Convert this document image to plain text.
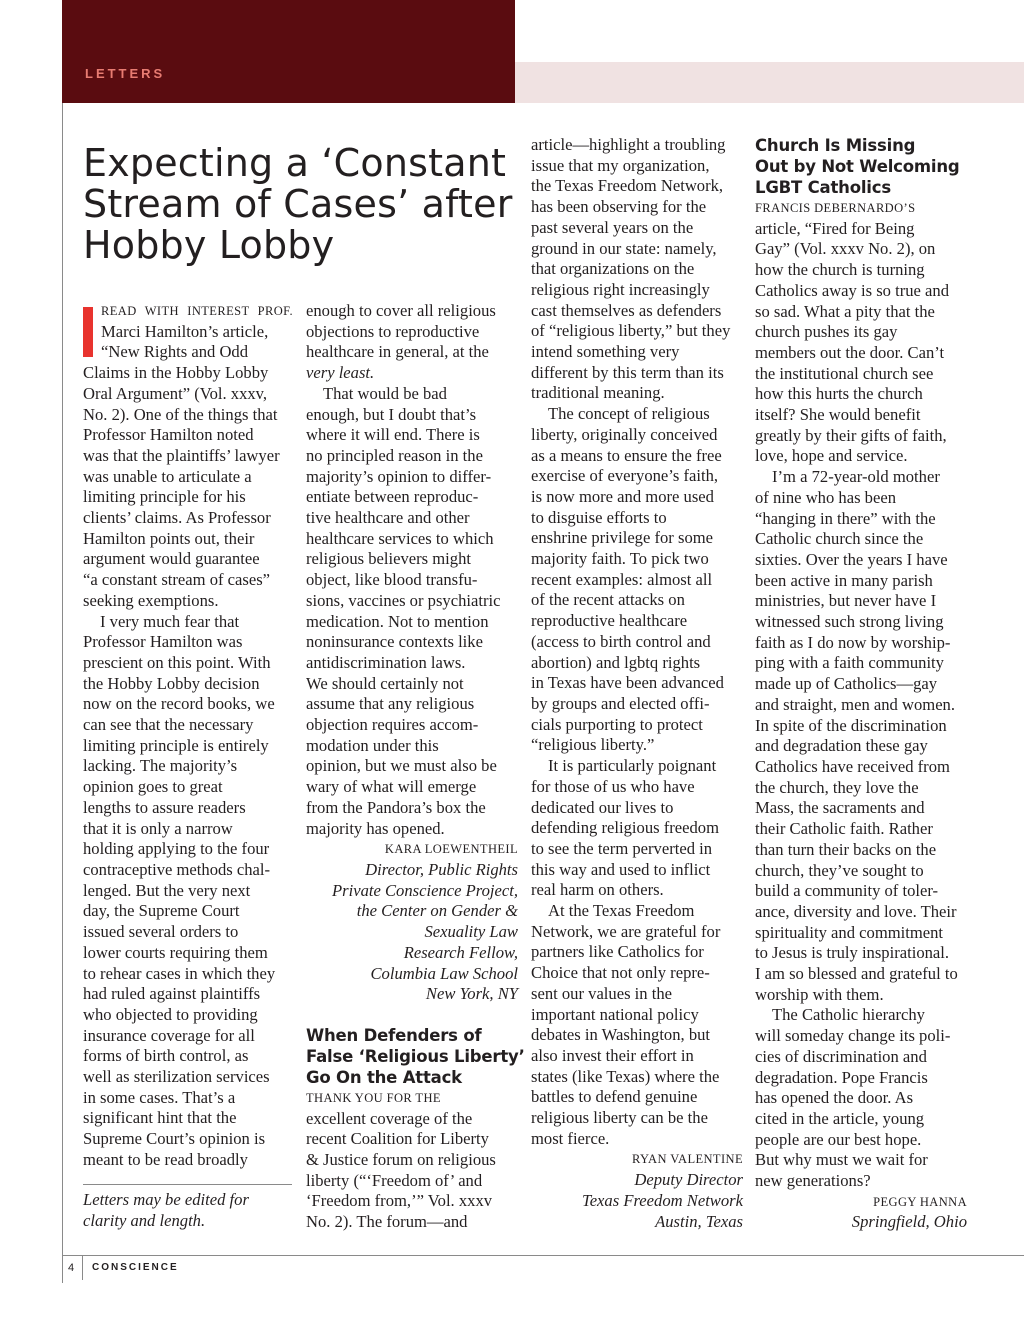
LETTERS
Expecting a ‘Constant Stream of Cases’ after Hobby Lobby
READ WITH INTEREST PROF.
Marci Hamilton’s article,
“New Rights and Odd
Claims in the Hobby Lobby
Oral Argument” (Vol. xxxv,
No. 2). One of the things that
Professor Hamilton noted
was that the plaintiffs’ lawyer
was unable to articulate a
limiting principle for his
clients’ claims. As Professor
Hamilton points out, their
argument would guarantee
“a constant stream of cases”
seeking exemptions.
I very much fear that
Professor Hamilton was
prescient on this point. With
the Hobby Lobby decision
now on the record books, we
can see that the necessary
limiting principle is entirely
lacking. The majority’s
opinion goes to great
lengths to assure readers
that it is only a narrow
holding applying to the four
contraceptive methods chal-
lenged. But the very next
day, the Supreme Court
issued several orders to
lower courts requiring them
to rehear cases in which they
had ruled against plaintiffs
who objected to providing
insurance coverage for all
forms of birth control, as
well as sterilization services
in some cases. That’s a
significant hint that the
Supreme Court’s opinion is
meant to be read broadly
Letters may be edited for clarity and length.
enough to cover all religious
objections to reproductive
healthcare in general, at the
very least.
That would be bad
enough, but I doubt that’s
where it will end. There is
no principled reason in the
majority’s opinion to differ-
entiate between reproduc-
tive healthcare and other
healthcare services to which
religious believers might
object, like blood transfu-
sions, vaccines or psychiatric
medication. Not to mention
noninsurance contexts like
antidiscrimination laws.
We should certainly not
assume that any religious
objection requires accom-
modation under this
opinion, but we must also be
wary of what will emerge
from the Pandora’s box the
majority has opened.
KARA LOEWENTHEIL
Director, Public Rights
Private Conscience Project,
the Center on Gender &
Sexuality Law
Research Fellow,
Columbia Law School
New York, NY
When Defenders of
False ‘Religious Liberty’
Go On the Attack
THANK YOU FOR THE
excellent coverage of the
recent Coalition for Liberty
& Justice forum on religious
liberty (“‘Freedom of’ and
‘Freedom from,’” Vol. xxxv
No. 2). The forum—and
article—highlight a troubling
issue that my organization,
the Texas Freedom Network,
has been observing for the
past several years on the
ground in our state: namely,
that organizations on the
religious right increasingly
cast themselves as defenders
of “religious liberty,” but they
intend something very
different by this term than its
traditional meaning.
The concept of religious
liberty, originally conceived
as a means to ensure the free
exercise of everyone’s faith,
is now more and more used
to disguise efforts to
enshrine privilege for some
majority faith. To pick two
recent examples: almost all
of the recent attacks on
reproductive healthcare
(access to birth control and
abortion) and lgbtq rights
in Texas have been advanced
by groups and elected offi-
cials purporting to protect
“religious liberty.”
It is particularly poignant
for those of us who have
dedicated our lives to
defending religious freedom
to see the term perverted in
this way and used to inflict
real harm on others.
At the Texas Freedom
Network, we are grateful for
partners like Catholics for
Choice that not only repre-
sent our values in the
important national policy
debates in Washington, but
also invest their effort in
states (like Texas) where the
battles to defend genuine
religious liberty can be the
most fierce.
RYAN VALENTINE
Deputy Director
Texas Freedom Network
Austin, Texas
Church Is Missing
Out by Not Welcoming
LGBT Catholics
FRANCIS DEBERNARDO’S
article, “Fired for Being
Gay” (Vol. xxxv No. 2), on
how the church is turning
Catholics away is so true and
so sad. What a pity that the
church pushes its gay
members out the door. Can’t
the institutional church see
how this hurts the church
itself? She would benefit
greatly by their gifts of faith,
love, hope and service.
I’m a 72-year-old mother
of nine who has been
“hanging in there” with the
Catholic church since the
sixties. Over the years I have
been active in many parish
ministries, but never have I
witnessed such strong living
faith as I do now by worship-
ping with a faith community
made up of Catholics—gay
and straight, men and women.
In spite of the discrimination
and degradation these gay
Catholics have received from
the church, they love the
Mass, the sacraments and
their Catholic faith. Rather
than turn their backs on the
church, they’ve sought to
build a community of toler-
ance, diversity and love. Their
spirituality and commitment
to Jesus is truly inspirational.
I am so blessed and grateful to
worship with them.
The Catholic hierarchy
will someday change its poli-
cies of discrimination and
degradation. Pope Francis
has opened the door. As
cited in the article, young
people are our best hope.
But why must we wait for
new generations?
PEGGY HANNA
Springfield, Ohio
4 CONSCIENCE
